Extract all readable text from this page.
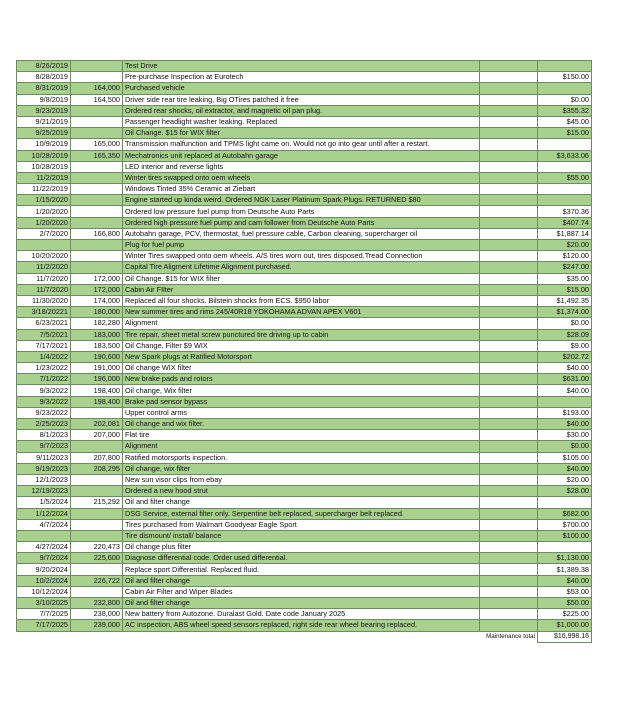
8/26/2019		Test Drive		
8/28/2019		Pre-purchase Inspection at Eurotech		$150.00
8/31/2019	164,000	Purchased vehicle		
9/8/2019	164,500	Driver side rear tire leaking, Big OTires patched it free		$0.00
9/23/2019		Ordered rear shocks, oil extractor, and magnetic oil pan plug.		$355.32
9/21/2019		Passenger headlight washer leaking. Replaced		$45.00
9/25/2019		Oil Change. $15 for WIX filter		$15.00
10/9/2019	165,000	Transmission malfunction and TPMS light came on. Would not go into gear until after a restart.		
10/28/2019	165,350	Mechatronics unit replaced at Autobahn garage		$3,633.06
10/28/2019		LED interior and reverse lights		
11/2/2019		Winter tires swapped onto oem wheels		$55.00
11/22/2019		Windows Tinted 35% Ceramic at Ziebart		
1/15/2020		Engine started up kinda weird. Ordered NGK Laser Platinum Spark Plugs. RETURNED $80		
1/20/2020		Ordered low pressure fuel pump from Deutsche Auto Parts		$370.36
1/20/2020		Ordered high pressure fuel pump and cam follower from Deutsche Auto Parts		$407.74
2/7/2020	166,800	Autobahn garage, PCV, thermostat, fuel pressure cable, Carbon cleaning, supercharger oil		$1,887.14
		Plug for fuel pump		$20.00
10/20/2020		Winter Tires swapped onto oem wheels. A/S tires worn out, tires disposed.Tread Connection		$120.00
11/2/2020		Capital Tire Aligment Lifetime Alignment purchased.		$247.00
11/7/2020	172,000	Oil Change. $15 for WIX filter		$35.00
11/7/2020	172,000	Cabin Air FIlter		$15.00
11/30/2020	174,000	Replaced all four shocks. Bilstein shocks from ECS. $950 labor		$1,492.35
3/18/20221	180,000	New summer tires and rims 245/40R18 YOKOHAMA ADVAN APEX V601		$1,374.00
6/23/2021	182,280	Alignment		$0.00
7/5/2021	183,000	Tire repair, sheet metal screw punctured tire driving up to cabin		$28.09
7/17/2021	183,500	Oil Change, Filter $9 WIX		$9.00
1/4/2022	190,600	New Spark plugs at Ratified Motorsport		$202.72
1/23/2022	191,000	Oil change WIX filter		$40.00
7/1/2022	196,000	New brake pads and rotors		$631.00
9/3/2022	198,400	Oil change, Wix filter		$40.00
9/3/2022	198,400	Brake pad sensor bypass		
9/23/2022		Upper control arms		$193.00
2/25/2023	202,081	Oil change and wix filter.		$40.00
8/1/2023	207,000	Flat tire		$30.00
9/7/2023		Alignment		$0.00
9/11/2023	207,800	Ratified motorsports inspection.		$105.00
9/19/2023	208,295	Oil change, wix filter		$40.00
12/1/2023		New sun visor clips from ebay		$20.00
12/19/2023		Ordered a new hood strut		$28.00
1/5/2024	215,292	Oil and filter change		
1/12/2024		DSG Service, external filter only. Serpentine belt replaced, supercharger belt replaced.		$682.00
4/7/2024		Tires purchased from Walmart Goodyear Eagle Sport		$700.00
		Tire dismount/ install/ balance		$100.00
4/27/2024	220,473	Oil change plus filter		
9/7/2024	225,600	Diagnose differential code. Order used differential.		$1,130.00
9/20/2024		Replace sport Differential. Replaced fluid.		$1,389.38
10/2/2024	226,722	Oil and filter change		$40.00
10/12/2024		Cabin Air Filter and Wiper Blades		$53.00
3/10/2025	232,800	Oil and filter change		$50.00
7/7/2025	238,000	New battery from Autozone. Duralast Gold. Date code January 2025		$225.00
7/17/2025	239,000	AC inspection, ABS wheel speed sensors replaced, right side rear wheel bearing replaced.		$1,000.00
			Maintenance total	$16,998.16
